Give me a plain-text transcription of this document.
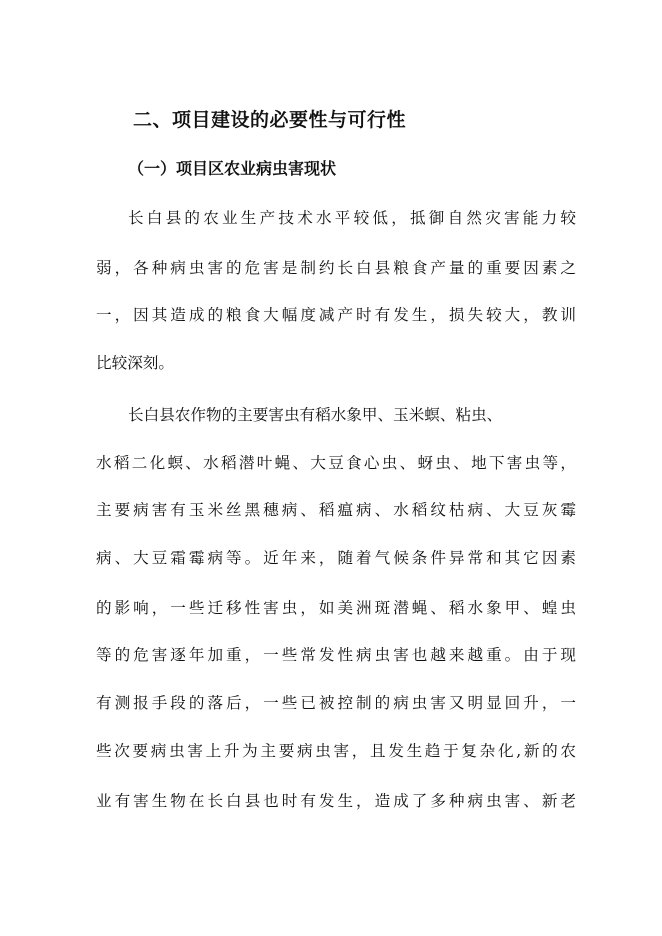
二、项目建设的必要性与可行性
（一）项目区农业病虫害现状
长白县的农业生产技术水平较低，抵御自然灾害能力较
弱，各种病虫害的危害是制约长白县粮食产量的重要因素之
一，因其造成的粮食大幅度减产时有发生，损失较大，教训
比较深刻。
长白县农作物的主要害虫有稻水象甲、玉米螟、粘虫、
水稻二化螟、水稻潜叶蝇、大豆食心虫、蚜虫、地下害虫等，
主要病害有玉米丝黑穗病、稻瘟病、水稻纹枯病、大豆灰霉
病、大豆霜霉病等。近年来，随着气候条件异常和其它因素
的影响，一些迁移性害虫，如美洲斑潜蝇、稻水象甲、蝗虫
等的危害逐年加重，一些常发性病虫害也越来越重。由于现
有测报手段的落后，一些已被控制的病虫害又明显回升，一
些次要病虫害上升为主要病虫害，且发生趋于复杂化,新的农
业有害生物在长白县也时有发生，造成了多种病虫害、新老
